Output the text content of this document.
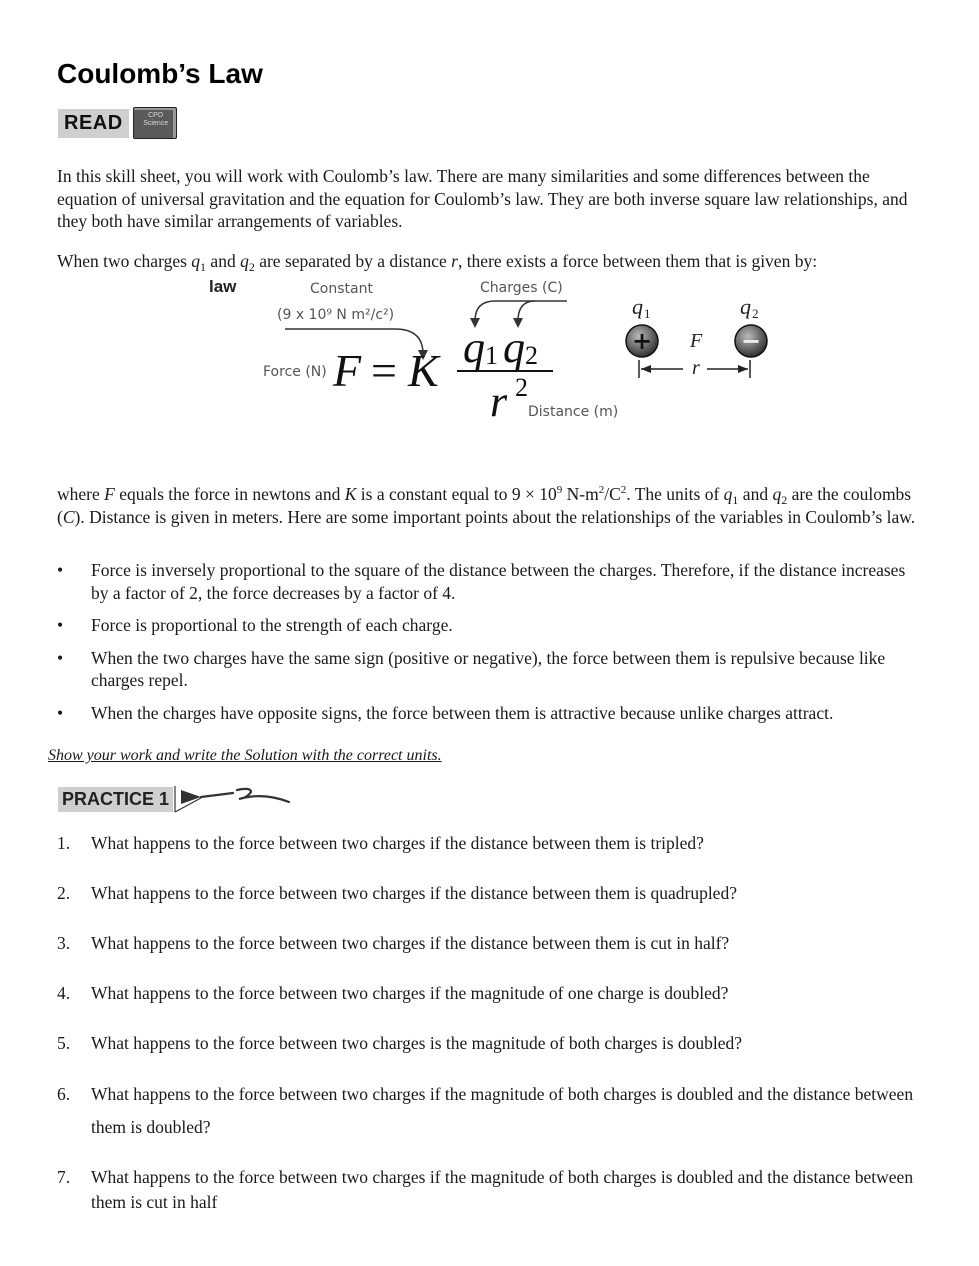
Coulomb’s Law
READ	CPO Science

In this skill sheet, you will work with Coulomb’s law. There are many similarities and some differences between the equation of universal gravitation and the equation for Coulomb’s law. They are both inverse square law relationships, and they both have similar arrangements of variables.

When two charges $q_1$ and $q_2$ are separated by a distance r, there exists a force between them that is given by:

law	Constant
(9 x 10⁹ N m²/c²)
Charges (C)
Force (N) F = K q 1 q 2
r 2
Distance (m)
q 1	q 2
+	−
F
r

where F equals the force in newtons and K is a constant equal to $9 \times 10^9$ $N-m^2/C^2$. The units of $q_1$ and $q_2$ are the coulombs (C). Distance is given in meters. Here are some important points about the relationships of the variables in Coulomb’s law.

• Force is inversely proportional to the square of the distance between the charges. Therefore, if the distance increases by a factor of 2, the force decreases by a factor of 4.
• Force is proportional to the strength of each charge.
• When the two charges have the same sign (positive or negative), the force between them is repulsive because like charges repel.
• When the charges have opposite signs, the force between them is attractive because unlike charges attract.
Show your work and write the Solution with the correct units.
PRACTICE 1
1. What happens to the force between two charges if the distance between them is tripled?
2. What happens to the force between two charges if the distance between them is quadrupled?
3. What happens to the force between two charges if the distance between them is cut in half?
4. What happens to the force between two charges if the magnitude of one charge is doubled?
5. What happens to the force between two charges is the magnitude of both charges is doubled?
6. What happens to the force between two charges if the magnitude of both charges is doubled and the distance between them is doubled?
7. What happens to the force between two charges if the magnitude of both charges is doubled and the distance between them is cut in half
